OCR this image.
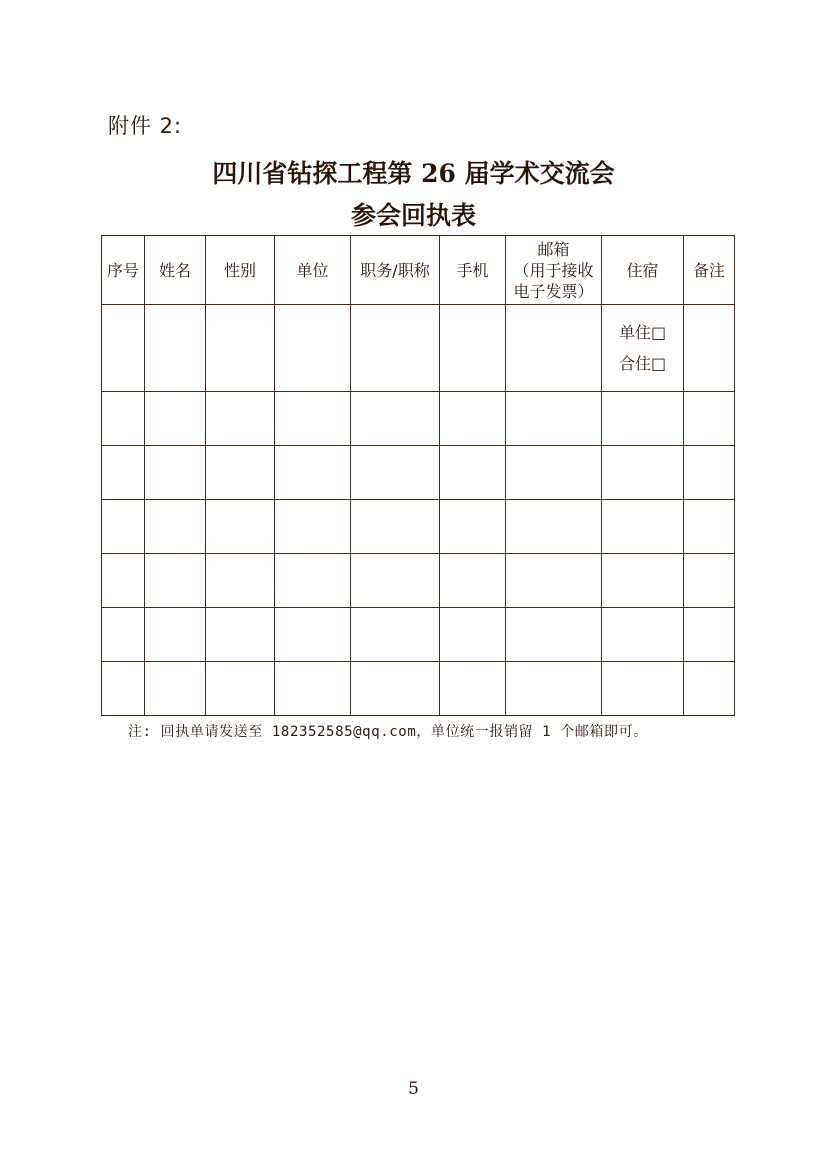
附件 2:
四川省钻探工程第 26 届学术交流会
参会回执表
序号	姓名	性别	单位	职务/职称	手机	邮箱
（用于接收
电子发票）	住宿	备注

							单住□
合住□	

注: 回执单请发送至 182352585@qq.com，单位统一报销留 1 个邮箱即可。
5
